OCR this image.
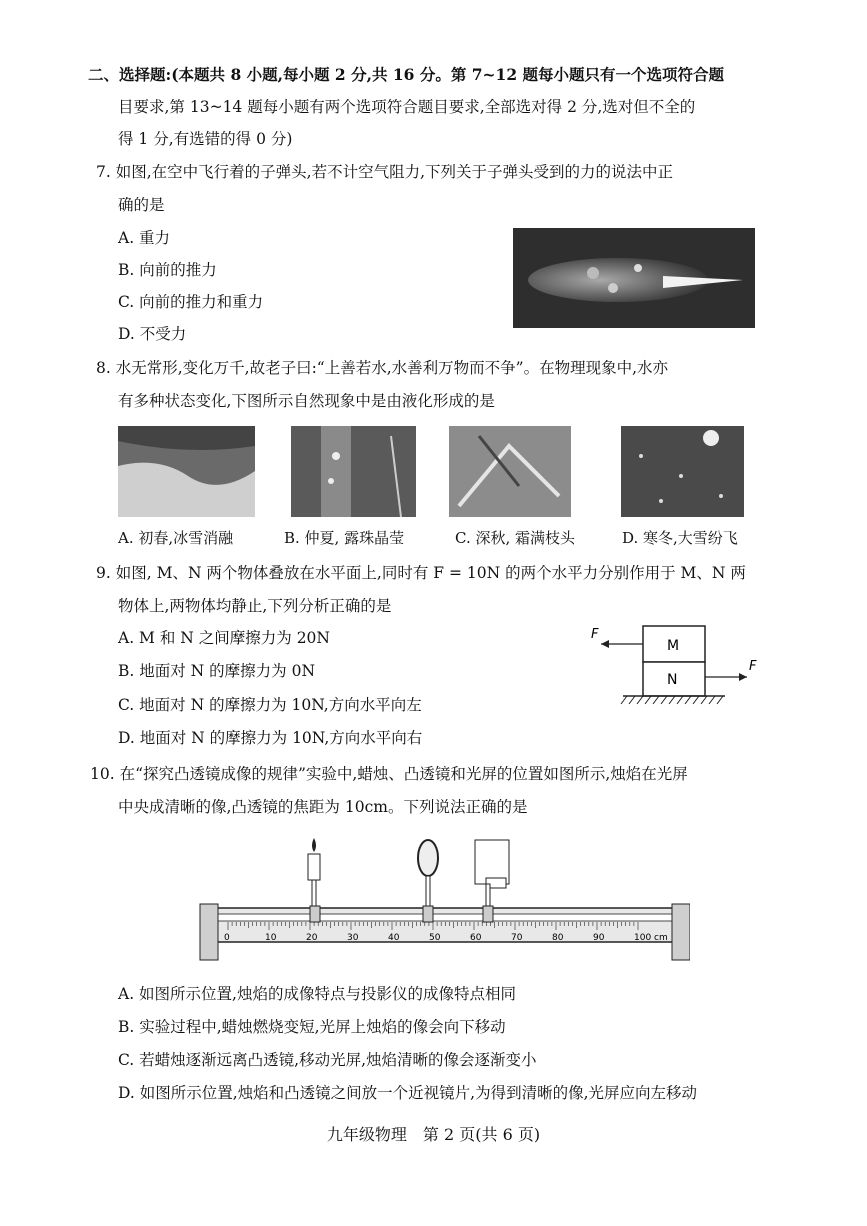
二、选择题:(本题共 8 小题,每小题 2 分,共 16 分。第 7~12 题每小题只有一个选项符合题
目要求,第 13~14 题每小题有两个选项符合题目要求,全部选对得 2 分,选对但不全的
得 1 分,有选错的得 0 分)
7. 如图,在空中飞行着的子弹头,若不计空气阻力,下列关于子弹头受到的力的说法中正
确的是
A. 重力
B. 向前的推力
C. 向前的推力和重力
D. 不受力
8. 水无常形,变化万千,故老子曰:“上善若水,水善利万物而不争”。在物理现象中,水亦
有多种状态变化,下图所示自然现象中是由液化形成的是
A. 初春,冰雪消融	B. 仲夏, 露珠晶莹	C. 深秋, 霜满枝头	D. 寒冬,大雪纷飞
9. 如图, M、N 两个物体叠放在水平面上,同时有 F = 10N 的两个水平力分别作用于 M、N 两
物体上,两物体均静止,下列分析正确的是
A. M 和 N 之间摩擦力为 20N
B. 地面对 N 的摩擦力为 0N
C. 地面对 N 的摩擦力为 10N,方向水平向左
D. 地面对 N 的摩擦力为 10N,方向水平向右
M
N
F
F
10. 在“探究凸透镜成像的规律”实验中,蜡烛、凸透镜和光屏的位置如图所示,烛焰在光屏
中央成清晰的像,凸透镜的焦距为 10cm。下列说法正确的是
0	10	20	30	40	50	60	70	80	90	100 cm
A. 如图所示位置,烛焰的成像特点与投影仪的成像特点相同
B. 实验过程中,蜡烛燃烧变短,光屏上烛焰的像会向下移动
C. 若蜡烛逐渐远离凸透镜,移动光屏,烛焰清晰的像会逐渐变小
D. 如图所示位置,烛焰和凸透镜之间放一个近视镜片,为得到清晰的像,光屏应向左移动
九年级物理　第 2 页(共 6 页)
